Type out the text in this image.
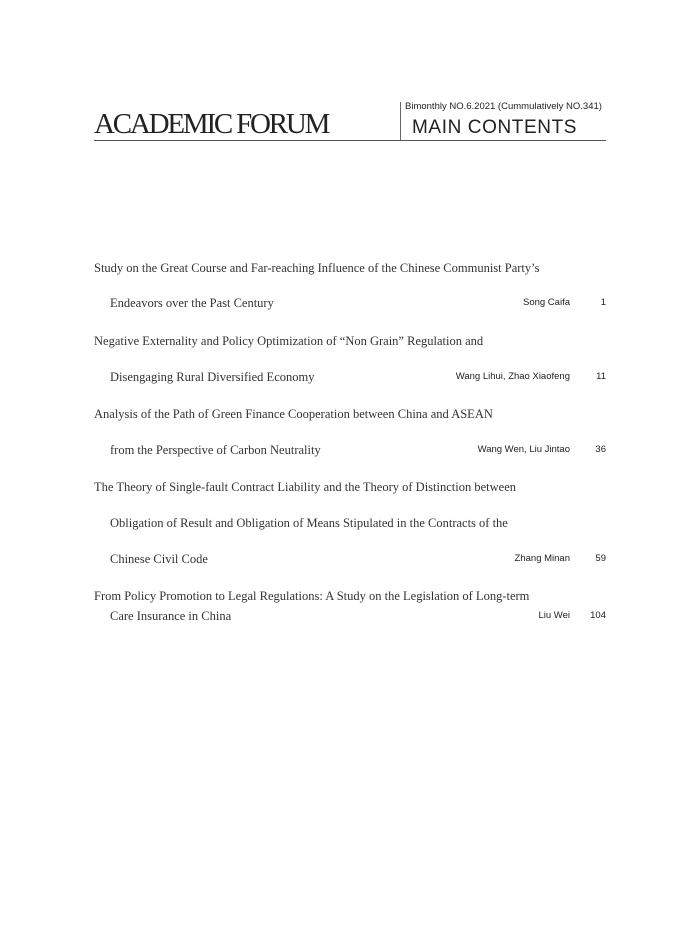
ACADEMIC FORUM
Bimonthly NO.6.2021 (Cummulatively NO.341)
MAIN CONTENTS
Study on the Great Course and Far-reaching Influence of the Chinese Communist Party’s
Endeavors over the Past Century	Song Caifa	1
Negative Externality and Policy Optimization of “Non Grain” Regulation and
Disengaging Rural Diversified Economy	Wang Lihui, Zhao Xiaofeng	11
Analysis of the Path of Green Finance Cooperation between China and ASEAN
from the Perspective of Carbon Neutrality	Wang Wen, Liu Jintao	36
The Theory of Single-fault Contract Liability and the Theory of Distinction between
Obligation of Result and Obligation of Means Stipulated in the Contracts of the
Chinese Civil Code	Zhang Minan	59
From Policy Promotion to Legal Regulations: A Study on the Legislation of Long-term
Care Insurance in China	Liu Wei 104
